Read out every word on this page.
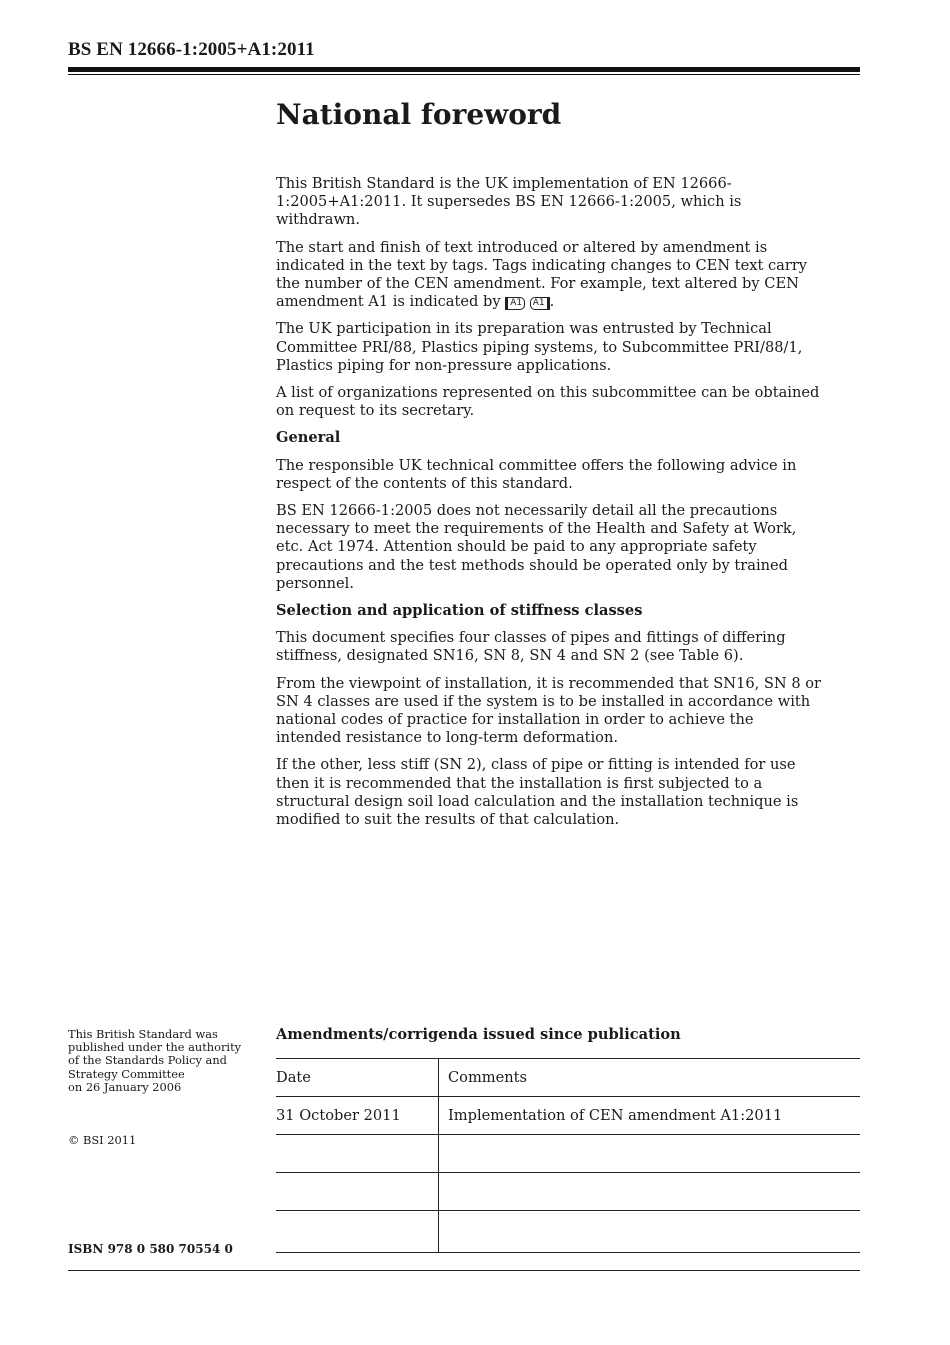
BS EN 12666-1:2005+A1:2011

National foreword

This British Standard is the UK implementation of EN 12666-1:2005+A1:2011. It supersedes BS EN 12666-1:2005, which is withdrawn.

The start and finish of text introduced or altered by amendment is indicated in the text by tags. Tags indicating changes to CEN text carry the number of the CEN amendment. For example, text altered by CEN amendment A1 is indicated by A1 A1 .

The UK participation in its preparation was entrusted by Technical Committee PRI/88, Plastics piping systems, to Subcommittee PRI/88/1, Plastics piping for non-pressure applications.

A list of organizations represented on this subcommittee can be obtained on request to its secretary.

General

The responsible UK technical committee offers the following advice in respect of the contents of this standard.

BS EN 12666-1:2005 does not necessarily detail all the precautions necessary to meet the requirements of the Health and Safety at Work, etc. Act 1974. Attention should be paid to any appropriate safety precautions and the test methods should be operated only by trained personnel.

Selection and application of stiffness classes

This document specifies four classes of pipes and fittings of differing stiffness, designated SN16, SN 8, SN 4 and SN 2 (see Table 6).

From the viewpoint of installation, it is recommended that SN16, SN 8 or SN 4 classes are used if the system is to be installed in accordance with national codes of practice for installation in order to achieve the intended resistance to long-term deformation.

If the other, less stiff (SN 2), class of pipe or fitting is intended for use then it is recommended that the installation is first subjected to a structural design soil load calculation and the installation technique is modified to suit the results of that calculation.

This British Standard was
published under the authority
of the Standards Policy and
Strategy Committee
on 26 January 2006

© BSI 2011

ISBN 978 0 580 70554 0

Amendments/corrigenda issued since publication
Date	Comments
31 October 2011	Implementation of CEN amendment A1:2011
